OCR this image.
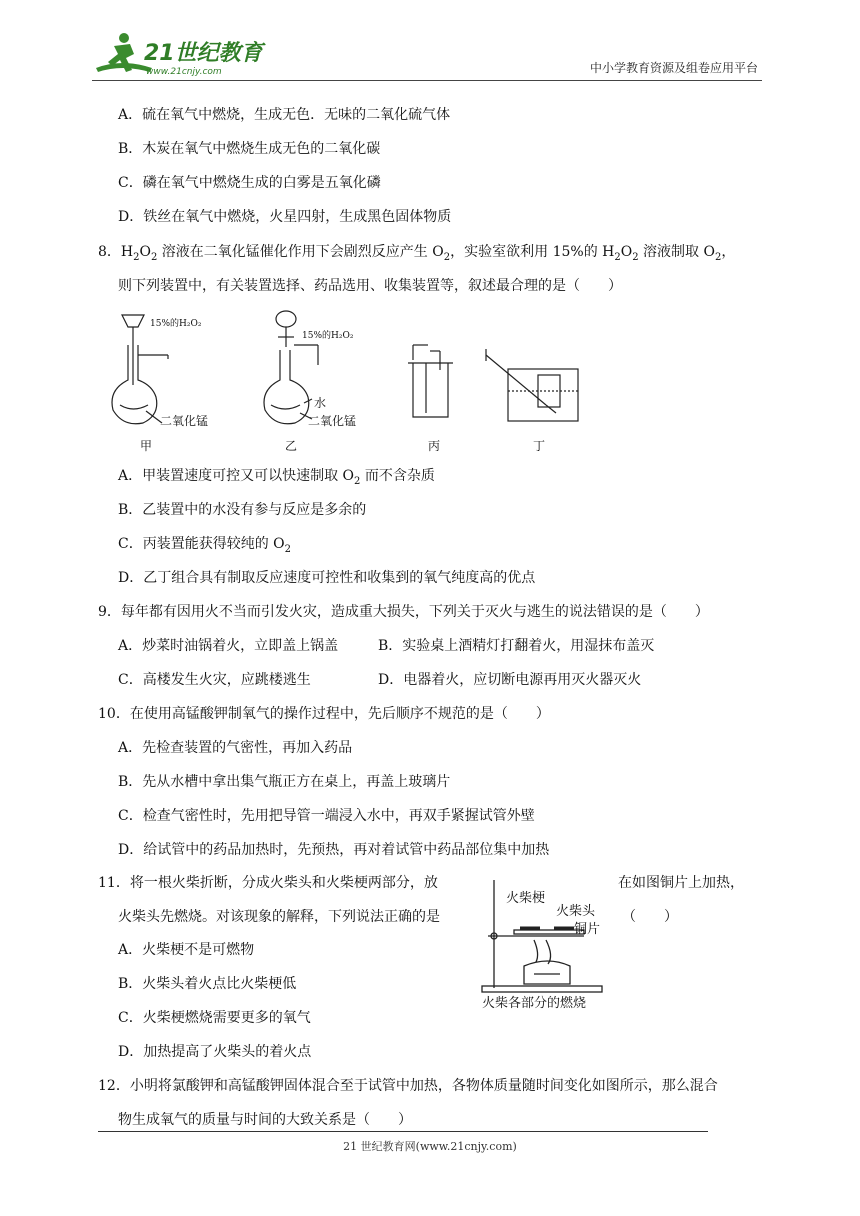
21世纪教育
www.21cnjy.com	中小学教育资源及组卷应用平台
A．硫在氧气中燃烧，生成无色．无味的二氧化硫气体
B．木炭在氧气中燃烧生成无色的二氧化碳
C．磷在氧气中燃烧生成的白雾是五氧化磷
D．铁丝在氧气中燃烧，火星四射，生成黑色固体物质
8．$H_2O_2$ 溶液在二氧化锰催化作用下会剧烈反应产生 $O_2$，实验室欲利用 15%的 $H_2O_2$ 溶液制取 $O_2$，
则下列装置中，有关装置选择、药品选用、收集装置等，叙述最合理的是（　　）
15%的H₂O₂
15%的H₂O₂
水
二氧化锰	二氧化锰
甲	乙	丙	丁
A．甲装置速度可控又可以快速制取 $O_2$ 而不含杂质
B．乙装置中的水没有参与反应是多余的
C．丙装置能获得较纯的 $O_2$
D．乙丁组合具有制取反应速度可控性和收集到的氧气纯度高的优点
9．每年都有因用火不当而引发火灾，造成重大损失，下列关于灭火与逃生的说法错误的是（　　）
A．炒菜时油锅着火，立即盖上锅盖	B．实验桌上酒精灯打翻着火，用湿抹布盖灭
C．高楼发生火灾，应跳楼逃生	D．电器着火，应切断电源再用灭火器灭火
10．在使用高锰酸钾制氧气的操作过程中，先后顺序不规范的是（　　）
A．先检查装置的气密性，再加入药品
B．先从水槽中拿出集气瓶正方在桌上，再盖上玻璃片
C．检查气密性时，先用把导管一端浸入水中，再双手紧握试管外壁
D．给试管中的药品加热时，先预热，再对着试管中药品部位集中加热
11．将一根火柴折断，分成火柴头和火柴梗两部分，放	在如图铜片上加热，
火柴头先燃烧。对该现象的解释，下列说法正确的是	（　　）
火柴梗
火柴头
铜片
火柴各部分的燃烧
A．火柴梗不是可燃物
B．火柴头着火点比火柴梗低
C．火柴梗燃烧需要更多的氧气
D．加热提高了火柴头的着火点
12．小明将氯酸钾和高锰酸钾固体混合至于试管中加热，各物体质量随时间变化如图所示，那么混合
物生成氧气的质量与时间的大致关系是（　　）
21 世纪教育网(www.21cnjy.com)
